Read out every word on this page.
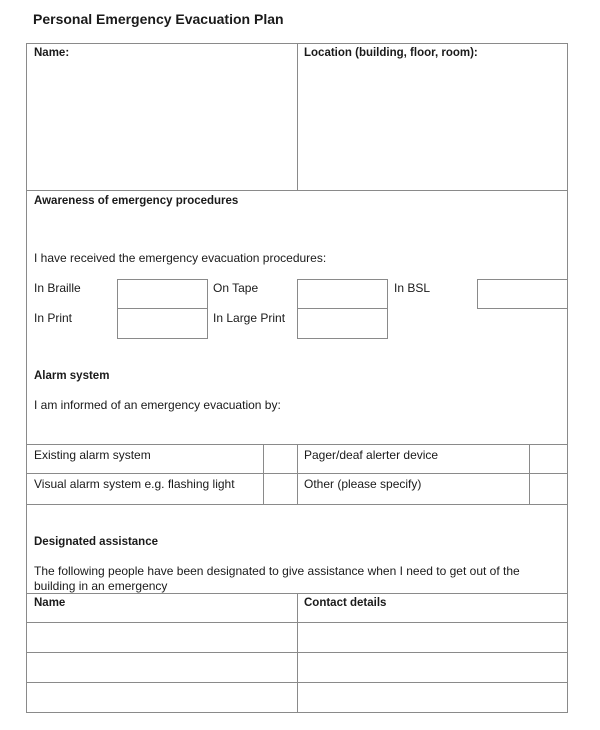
Personal Emergency Evacuation Plan
Name:	Location (building, floor, room):
Awareness of emergency procedures
I have received the emergency evacuation procedures:
In Braille	On Tape	In BSL
In Print	In Large Print
Alarm system
I am informed of an emergency evacuation by:
Existing alarm system	Pager/deaf alerter device
Visual alarm system e.g. flashing light	Other (please specify)
Designated assistance
The following people have been designated to give assistance when I need to get out of the
building in an emergency
Name	Contact details
